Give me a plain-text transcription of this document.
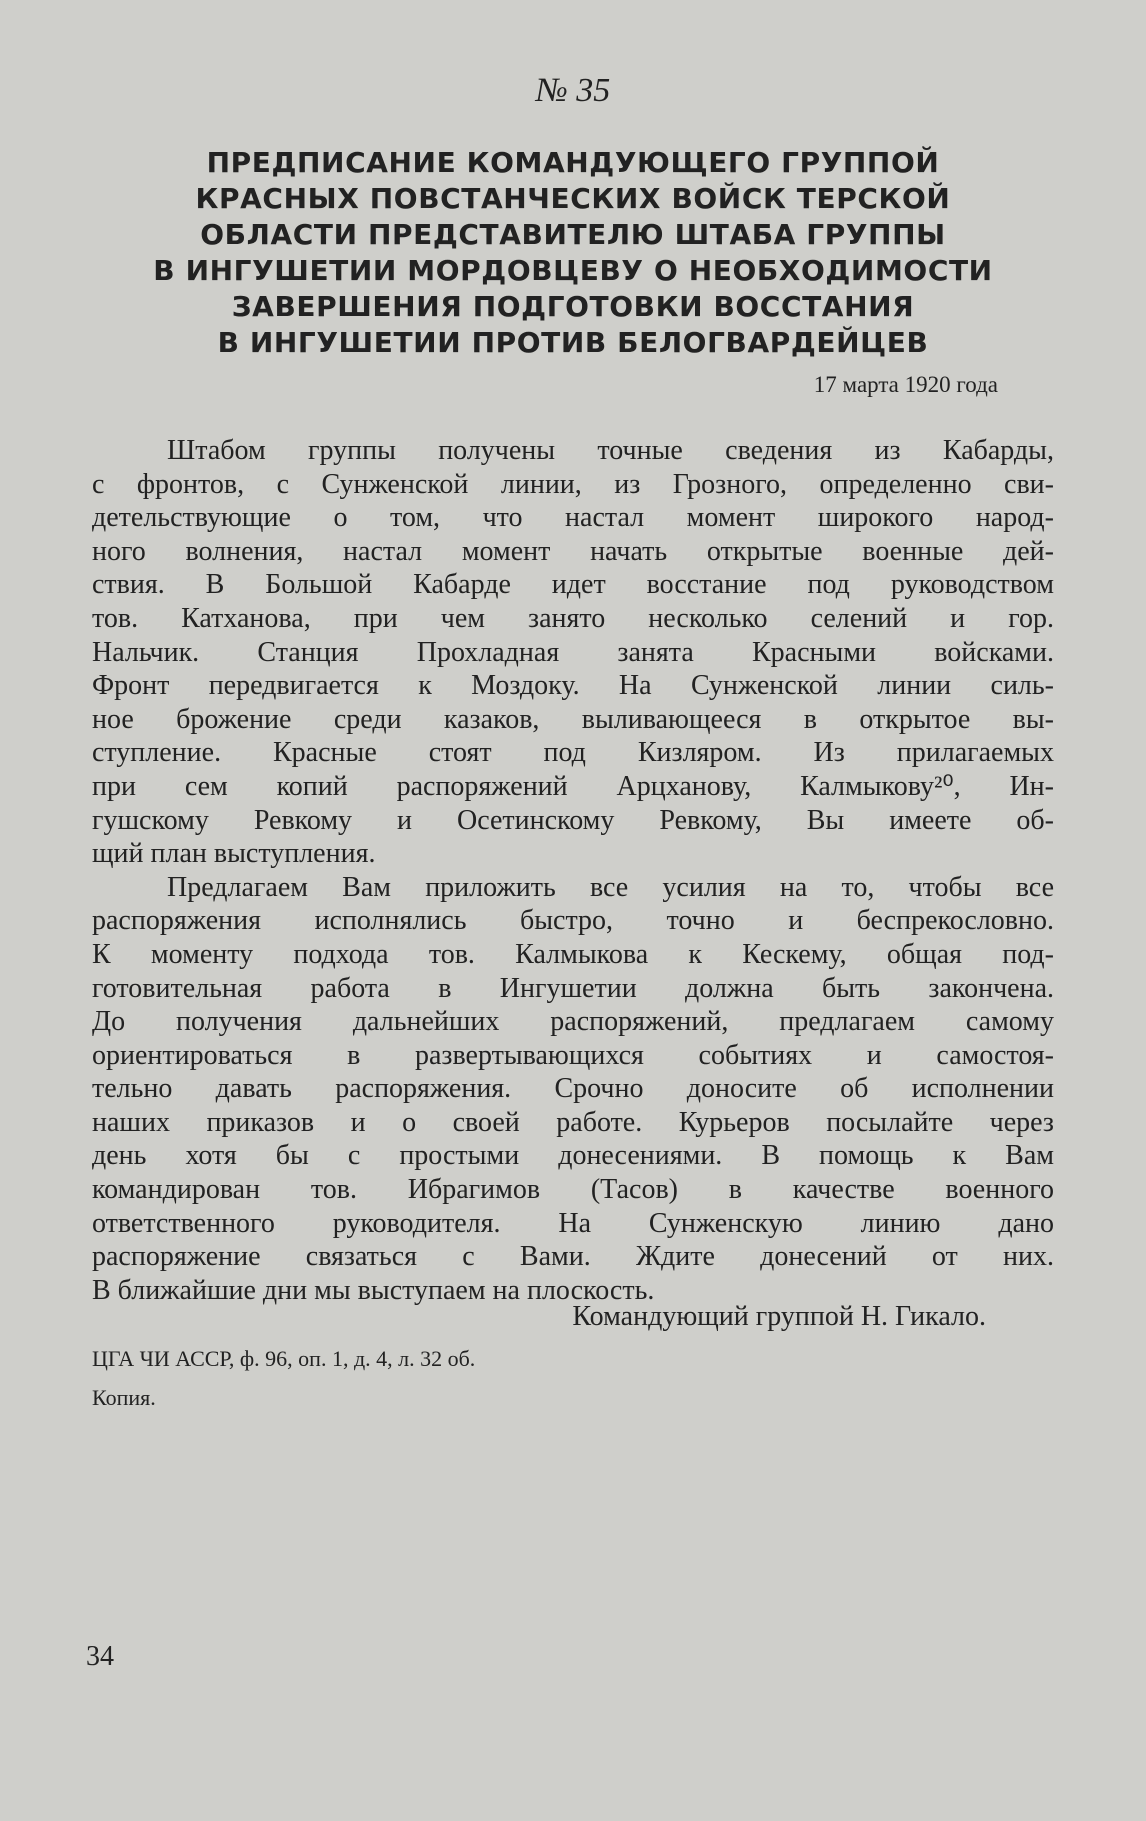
№ 35
ПРЕДПИСАНИЕ КОМАНДУЮЩЕГО ГРУППОЙ
КРАСНЫХ ПОВСТАНЧЕСКИХ ВОЙСК ТЕРСКОЙ
ОБЛАСТИ ПРЕДСТАВИТЕЛЮ ШТАБА ГРУППЫ
В ИНГУШЕТИИ МОРДОВЦЕВУ О НЕОБХОДИМОСТИ
ЗАВЕРШЕНИЯ ПОДГОТОВКИ ВОССТАНИЯ
В ИНГУШЕТИИ ПРОТИВ БЕЛОГВАРДЕЙЦЕВ
17 марта 1920 года

Штабом группы получены точные сведения из Кабарды,

с фронтов, с Сунженской линии, из Грозного, определенно сви-

детельствующие о том, что настал момент широкого народ-

ного волнения, настал момент начать открытые военные дей-

ствия. В Большой Кабарде идет восстание под руководством

тов. Катханова, при чем занято несколько селений и гор.

Нальчик. Станция Прохладная занята Красными войсками.

Фронт передвигается к Моздоку. На Сунженской линии силь-

ное брожение среди казаков, выливающееся в открытое вы-

ступление. Красные стоят под Кизляром. Из прилагаемых

при сем копий распоряжений Арцханову, Калмыкову²⁰, Ин-

гушскому Ревкому и Осетинскому Ревкому, Вы имеете об-

щий план выступления.

Предлагаем Вам приложить все усилия на то, чтобы все

распоряжения исполнялись быстро, точно и беспрекословно.

К моменту подхода тов. Калмыкова к Кескему, общая под-

готовительная работа в Ингушетии должна быть закончена.

До получения дальнейших распоряжений, предлагаем самому

ориентироваться в развертывающихся событиях и самостоя-

тельно давать распоряжения. Срочно доносите об исполнении

наших приказов и о своей работе. Курьеров посылайте через

день хотя бы с простыми донесениями. В помощь к Вам

командирован тов. Ибрагимов (Тасов) в качестве военного

ответственного руководителя. На Сунженскую линию дано

распоряжение связаться с Вами. Ждите донесений от них.

В ближайшие дни мы выступаем на плоскость.

Командующий группой Н. Гикало.
ЦГА ЧИ АССР, ф. 96, оп. 1, д. 4, л. 32 об.
Копия.
34
